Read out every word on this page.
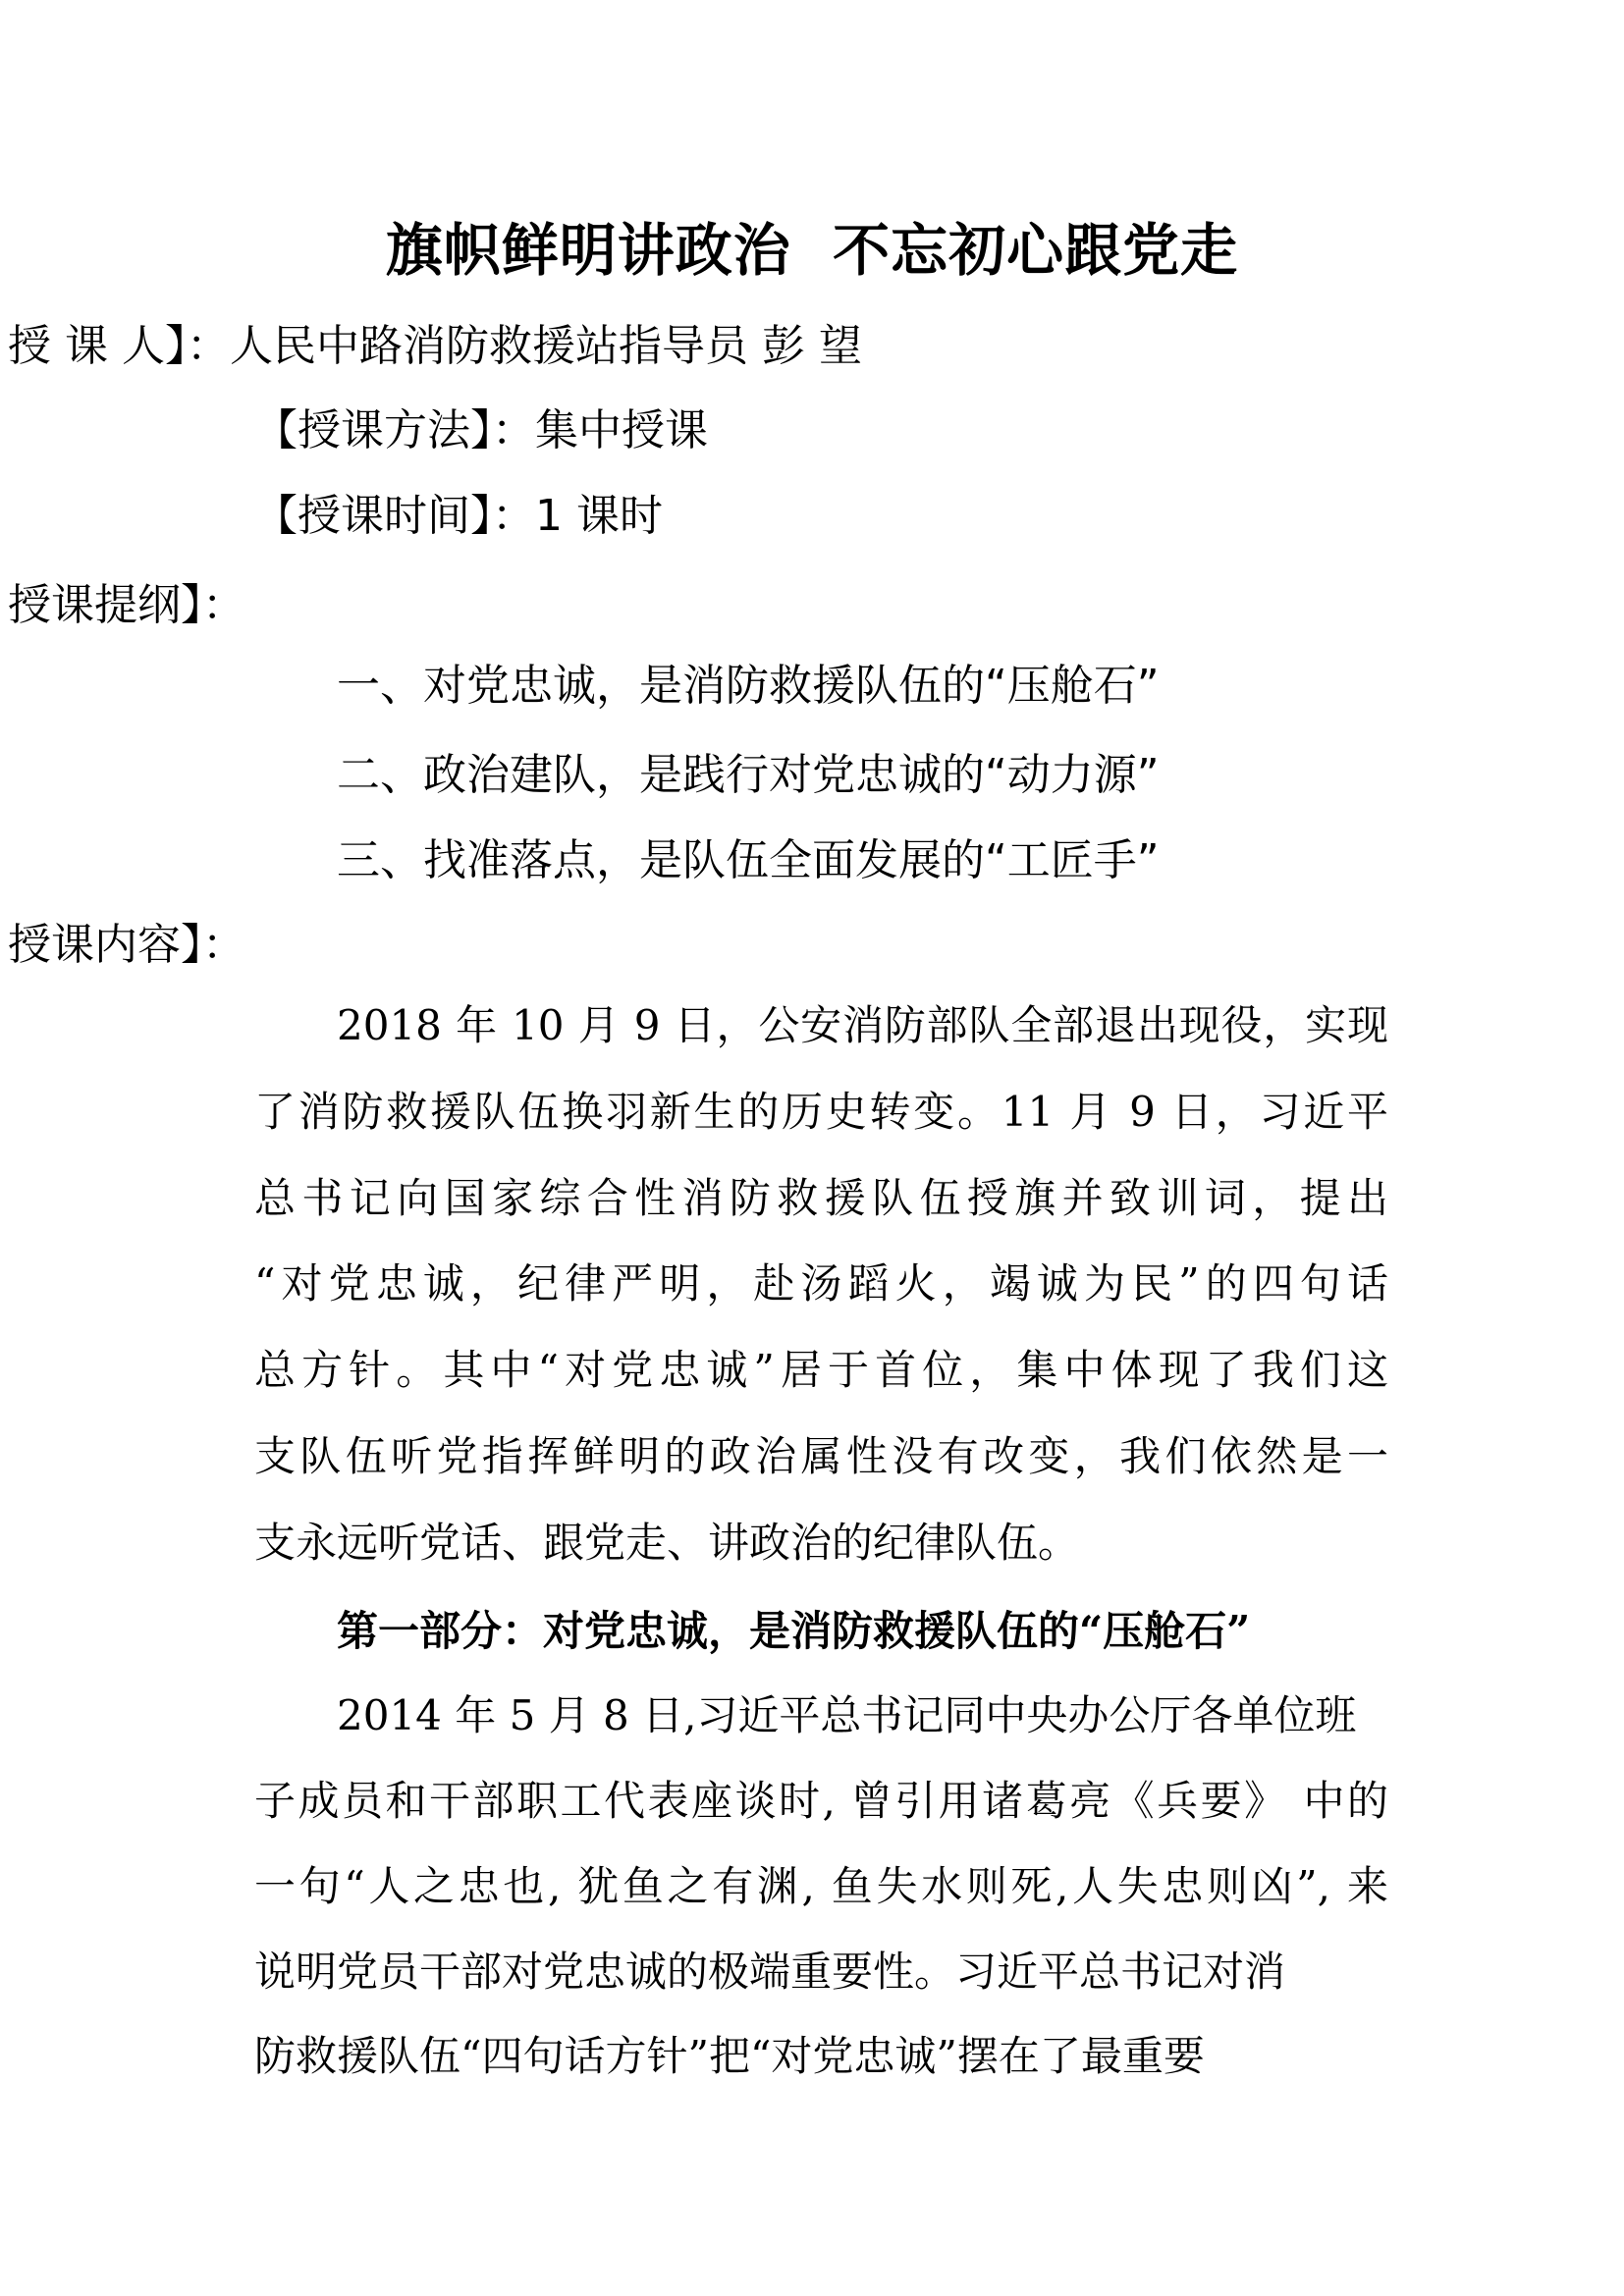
旗帜鲜明讲政治  不忘初心跟党走
授 课 人】：人民中路消防救援站指导员 彭 望
【授课方法】：集中授课
【授课时间】：1 课时
授课提纲】：
一、对党忠诚，是消防救援队伍的“压舱石”
二、政治建队，是践行对党忠诚的“动力源”
三、找准落点，是队伍全面发展的“工匠手”
授课内容】：
2018 年 10 月 9 日，公安消防部队全部退出现役，实现
了消防救援队伍换羽新生的历史转变。11 月 9 日，习近平
总书记向国家综合性消防救援队伍授旗并致训词，提出
“对党忠诚，纪律严明，赴汤蹈火，竭诚为民”的四句话
总方针。其中“对党忠诚”居于首位，集中体现了我们这
支队伍听党指挥鲜明的政治属性没有改变，我们依然是一
支永远听党话、跟党走、讲政治的纪律队伍。
第一部分：对党忠诚，是消防救援队伍的“压舱石”
2014 年 5 月 8 日,习近平总书记同中央办公厅各单位班
子成员和干部职工代表座谈时, 曾引用诸葛亮《兵要》 中的
一句“人之忠也, 犹鱼之有渊, 鱼失水则死,人失忠则凶”, 来
说明党员干部对党忠诚的极端重要性。习近平总书记对消
防救援队伍“四句话方针”把“对党忠诚”摆在了最重要
